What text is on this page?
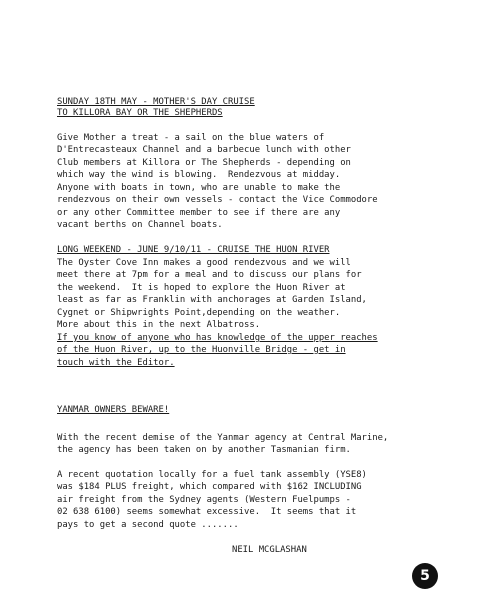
SUNDAY 18TH MAY - MOTHER'S DAY CRUISE
TO KILLORA BAY OR THE SHEPHERDS
Give Mother a treat - a sail on the blue waters of
D'Entrecasteaux Channel and a barbecue lunch with other
Club members at Killora or The Shepherds - depending on
which way the wind is blowing.  Rendezvous at midday.
Anyone with boats in town, who are unable to make the
rendezvous on their own vessels - contact the Vice Commodore
or any other Committee member to see if there are any
vacant berths on Channel boats.
LONG WEEKEND - JUNE 9/10/11 - CRUISE THE HUON RIVER
The Oyster Cove Inn makes a good rendezvous and we will
meet there at 7pm for a meal and to discuss our plans for
the weekend.  It is hoped to explore the Huon River at
least as far as Franklin with anchorages at Garden Island,
Cygnet or Shipwrights Point,depending on the weather.
More about this in the next Albatross.
If you know of anyone who has knowledge of the upper reaches
of the Huon River, up to the Huonville Bridge - get in
touch with the Editor.
YANMAR OWNERS BEWARE!
With the recent demise of the Yanmar agency at Central Marine,
the agency has been taken on by another Tasmanian firm.
A recent quotation locally for a fuel tank assembly (YSE8)
was $184 PLUS freight, which compared with $162 INCLUDING
air freight from the Sydney agents (Western Fuelpumps -
02 638 6100) seems somewhat excessive.  It seems that it
pays to get a second quote .......
NEIL MCGLASHAN
5
